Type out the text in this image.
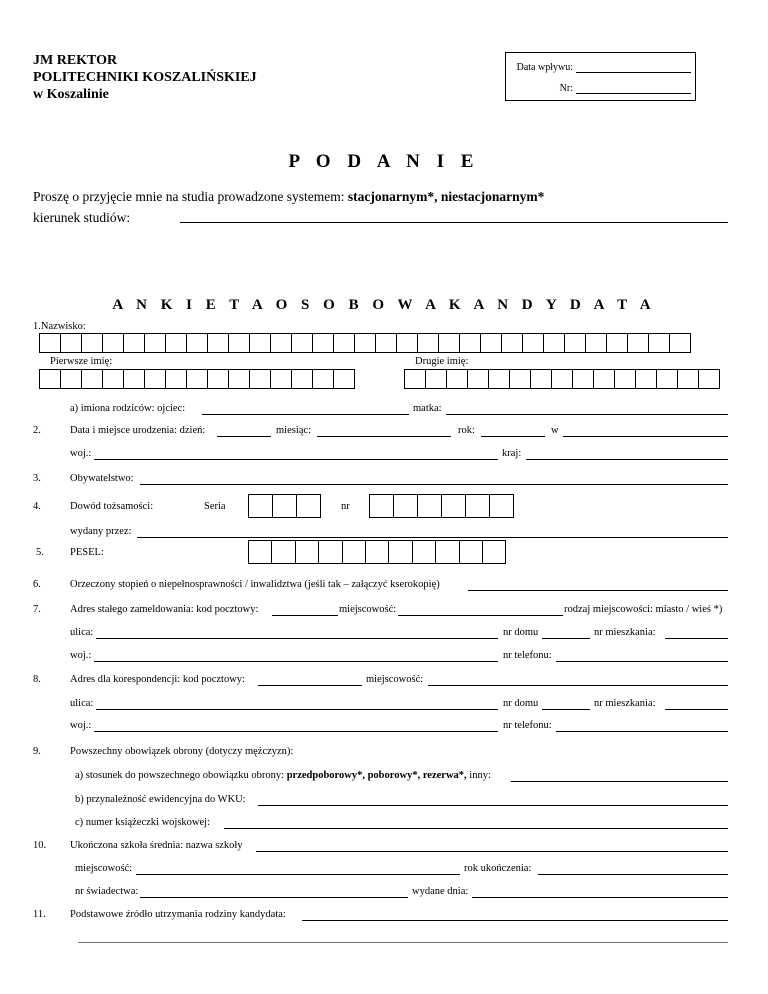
JM REKTOR
POLITECHNIKI KOSZALIŃSKIEJ
w Koszalinie
Data wpływu:
Nr:
P O D A N I E
Proszę o przyjęcie mnie na studia prowadzone systemem: stacjonarnym*, niestacjonarnym*
kierunek studiów:
A N K I E T A O S O B O W A K A N D Y D A T A
1.Nazwisko:
Pierwsze imię:	Drugie imię:
a) imiona rodziców: ojciec:	matka:
2.	Data i miejsce urodzenia: dzień:	miesiąc:	rok:	w
woj.:	kraj:
3.	Obywatelstwo:
4.	Dowód tożsamości:	Seria	nr
wydany przez:
5. PESEL:
6.	Orzeczony stopień o niepełnosprawności / inwalidztwa (jeśli tak – załączyć kserokopię)
7.	Adres stałego zameldowania: kod pocztowy:	miejscowość:	rodzaj miejscowości: miasto / wieś *)
ulica:	nr domu	nr mieszkania:
woj.:	nr telefonu:
8.	Adres dla korespondencji: kod pocztowy:	miejscowość:
ulica:	nr domu	nr mieszkania:
woj.:	nr telefonu:
9.	Powszechny obowiązek obrony (dotyczy mężczyzn):
a) stosunek do powszechnego obowiązku obrony: przedpoborowy*, poborowy*, rezerwa*, inny:
b) przynależność ewidencyjna do WKU:
c) numer książeczki wojskowej:
10. Ukończona szkoła średnia: nazwa szkoły
miejscowość:	rok ukończenia:
nr świadectwa:	wydane dnia:
11. Podstawowe źródło utrzymania rodziny kandydata:
